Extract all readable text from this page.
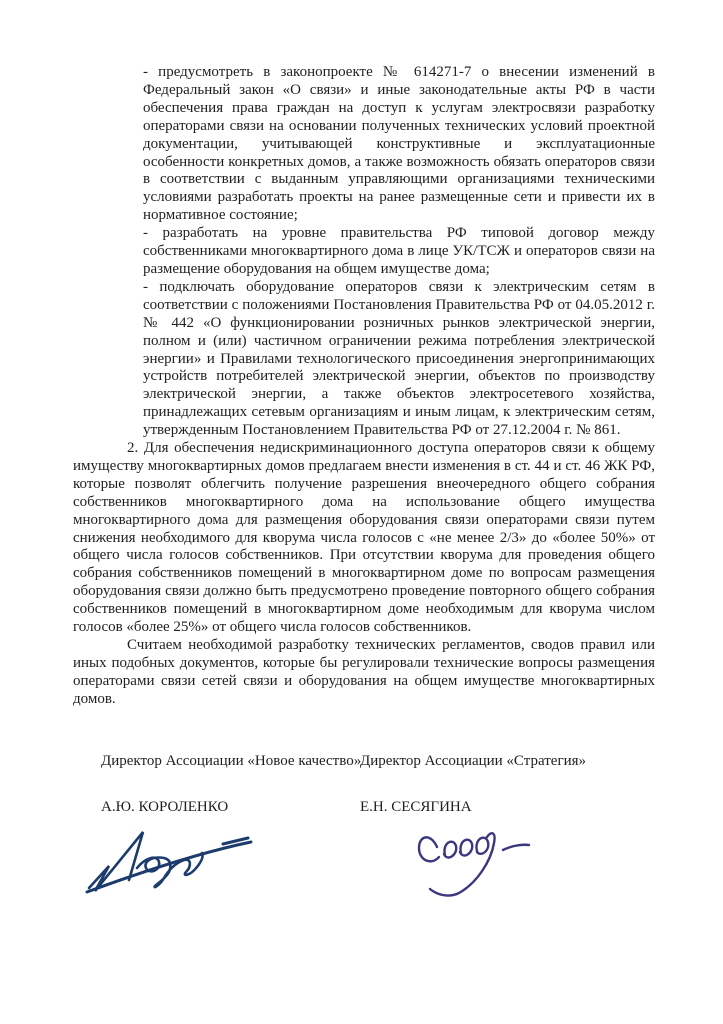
- предусмотреть в законопроекте № 614271-7 о внесении изменений в Федеральный закон «О связи» и иные законодательные акты РФ в части обеспечения права граждан на доступ к услугам электросвязи разработку операторами связи на основании полученных технических условий проектной документации, учитывающей конструктивные и эксплуатационные особенности конкретных домов, а также возможность обязать операторов связи в соответствии с выданным управляющими организациями техническими условиями разработать проекты на ранее размещенные сети и привести их в нормативное состояние;

- разработать на уровне правительства РФ типовой договор между собственниками многоквартирного дома в лице УК/ТСЖ и операторов связи на размещение оборудования на общем имуществе дома;

- подключать оборудование операторов связи к электрическим сетям в соответствии с положениями Постановления Правительства РФ от 04.05.2012 г. № 442 «О функционировании розничных рынков электрической энергии, полном и (или) частичном ограничении режима потребления электрической энергии» и Правилами технологического присоединения энергопринимающих устройств потребителей электрической энергии, объектов по производству электрической энергии, а также объектов электросетевого хозяйства, принадлежащих сетевым организациям и иным лицам, к электрическим сетям, утвержденным Постановлением Правительства РФ от 27.12.2004 г. № 861.

2. Для обеспечения недискриминационного доступа операторов связи к общему имуществу многоквартирных домов предлагаем внести изменения в ст. 44 и ст. 46 ЖК РФ, которые позволят облегчить получение разрешения внеочередного общего собрания собственников многоквартирного дома на использование общего имущества многоквартирного дома для размещения оборудования связи операторами связи путем снижения необходимого для кворума числа голосов с «не менее 2/3» до «более 50%» от общего числа голосов собственников. При отсутствии кворума для проведения общего собрания собственников помещений в многоквартирном доме по вопросам размещения оборудования связи должно быть предусмотрено проведение повторного общего собрания собственников помещений в многоквартирном доме необходимым для кворума числом голосов «более 25%» от общего числа голосов собственников.

Считаем необходимой разработку технических регламентов, сводов правил или иных подобных документов, которые бы регулировали технические вопросы размещения операторами связи сетей связи и оборудования на общем имуществе многоквартирных домов.

Директор Ассоциации «Новое качество»
А.Ю. КОРОЛЕНКО
Директор Ассоциации «Стратегия»
Е.Н. СЕСЯГИНА
